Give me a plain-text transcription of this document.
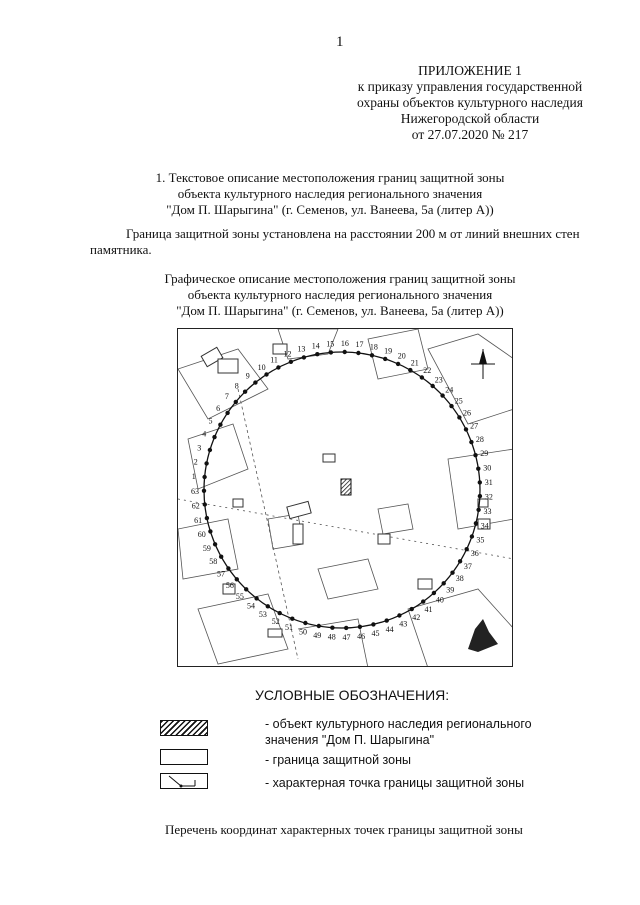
1
ПРИЛОЖЕНИЕ 1
к приказу управления государственной
охраны объектов культурного наследия
Нижегородской области
от 27.07.2020 № 217
1. Текстовое описание местоположения границ защитной зоны
объекта культурного наследия регионального значения
"Дом П. Шарыгина" (г. Семенов, ул. Ванеева, 5а (литер А))
Граница защитной зоны установлена на расстоянии 200 м от линий внешних стен
памятника.
Графическое описание местоположения границ защитной зоны
объекта культурного наследия регионального значения
"Дом П. Шарыгина" (г. Семенов, ул. Ванеева, 5а (литер А))
1
2
3
4
5
6
7
8
9
10
11
12
13 14 15 16 17 18 19
20
21
22
23
24
25
26
27
28
29
30
31
32
33
34
35
36
37
38
39
40
41
42
43
44
45
46
47
48
49
50
51
52
53
54
55
56
57
58
59
60
61
62
63
УСЛОВНЫЕ ОБОЗНАЧЕНИЯ:
- объект культурного наследия регионального
значения "Дом П. Шарыгина"
- граница защитной зоны
- характерная точка границы защитной зоны
Перечень координат характерных точек границы защитной зоны
